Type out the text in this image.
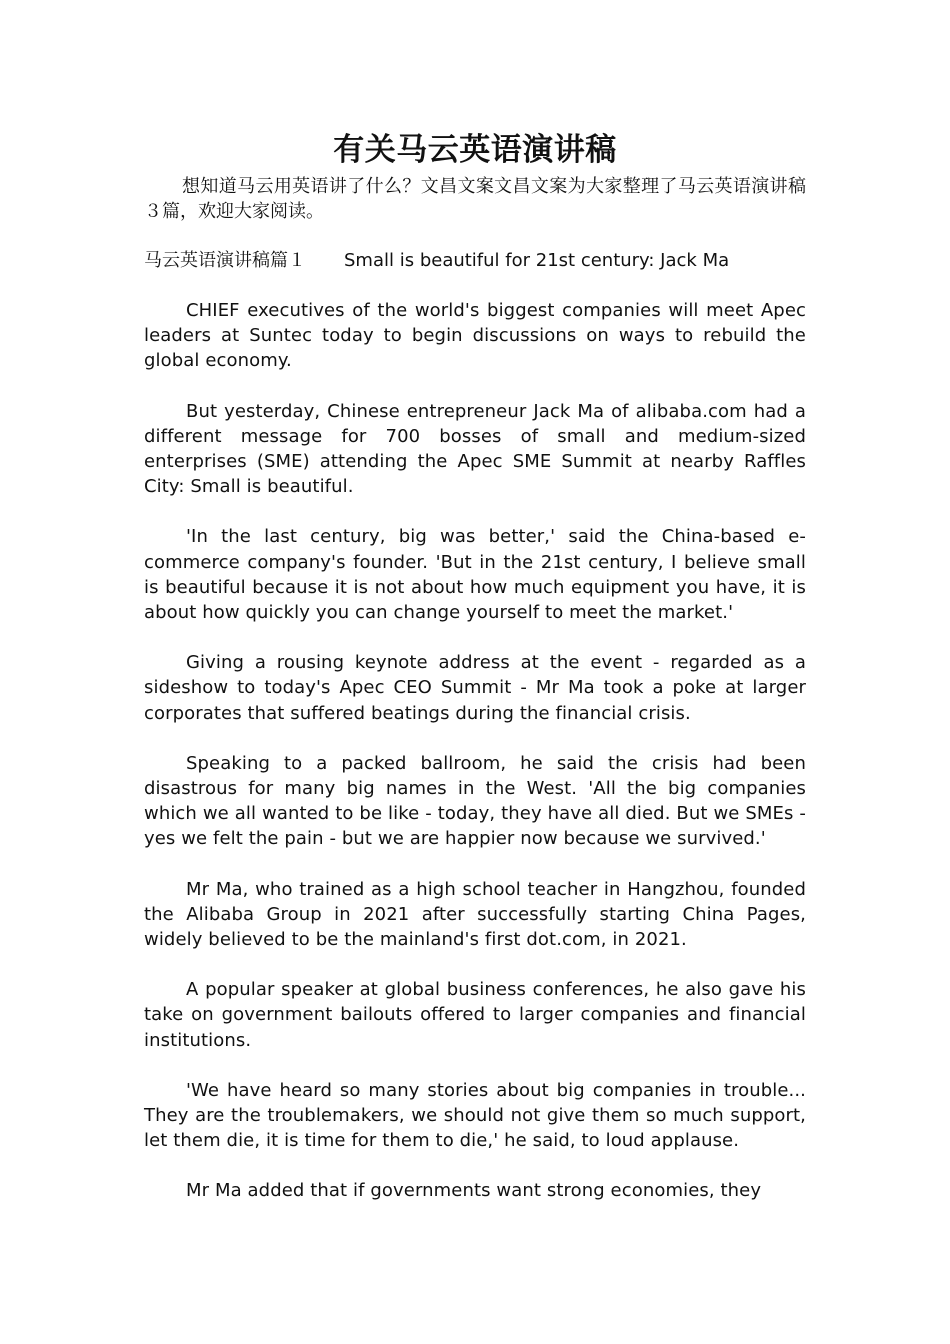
有关马云英语演讲稿

想知道马云用英语讲了什么？文昌文案文昌文案为大家整理了马云英语演讲稿３篇，欢迎大家阅读。

马云英语演讲稿篇１ Small is beautiful for 21st century: Jack Ma

CHIEF executives of the world's biggest companies will meet Apec leaders at Suntec today to begin discussions on ways to rebuild the global economy.

But yesterday, Chinese entrepreneur Jack Ma of alibaba.com had a different message for 700 bosses of small and medium-sized enterprises (SME) attending the Apec SME Summit at nearby Raffles City: Small is beautiful.

'In the last century, big was better,' said the China-based e-commerce company's founder. 'But in the 21st century, I believe small is beautiful because it is not about how much equipment you have, it is about how quickly you can change yourself to meet the market.'

Giving a rousing keynote address at the event - regarded as a sideshow to today's Apec CEO Summit - Mr Ma took a poke at larger corporates that suffered beatings during the financial crisis.

Speaking to a packed ballroom, he said the crisis had been disastrous for many big names in the West. 'All the big companies which we all wanted to be like - today, they have all died. But we SMEs - yes we felt the pain - but we are happier now because we survived.'

Mr Ma, who trained as a high school teacher in Hangzhou, founded the Alibaba Group in 2021 after successfully starting China Pages, widely believed to be the mainland's first dot.com, in 2021.

A popular speaker at global business conferences, he also gave his take on government bailouts offered to larger companies and financial institutions.

'We have heard so many stories about big companies in trouble... They are the troublemakers, we should not give them so much support, let them die, it is time for them to die,' he said, to loud applause.

Mr Ma added that if governments want strong economies, they
